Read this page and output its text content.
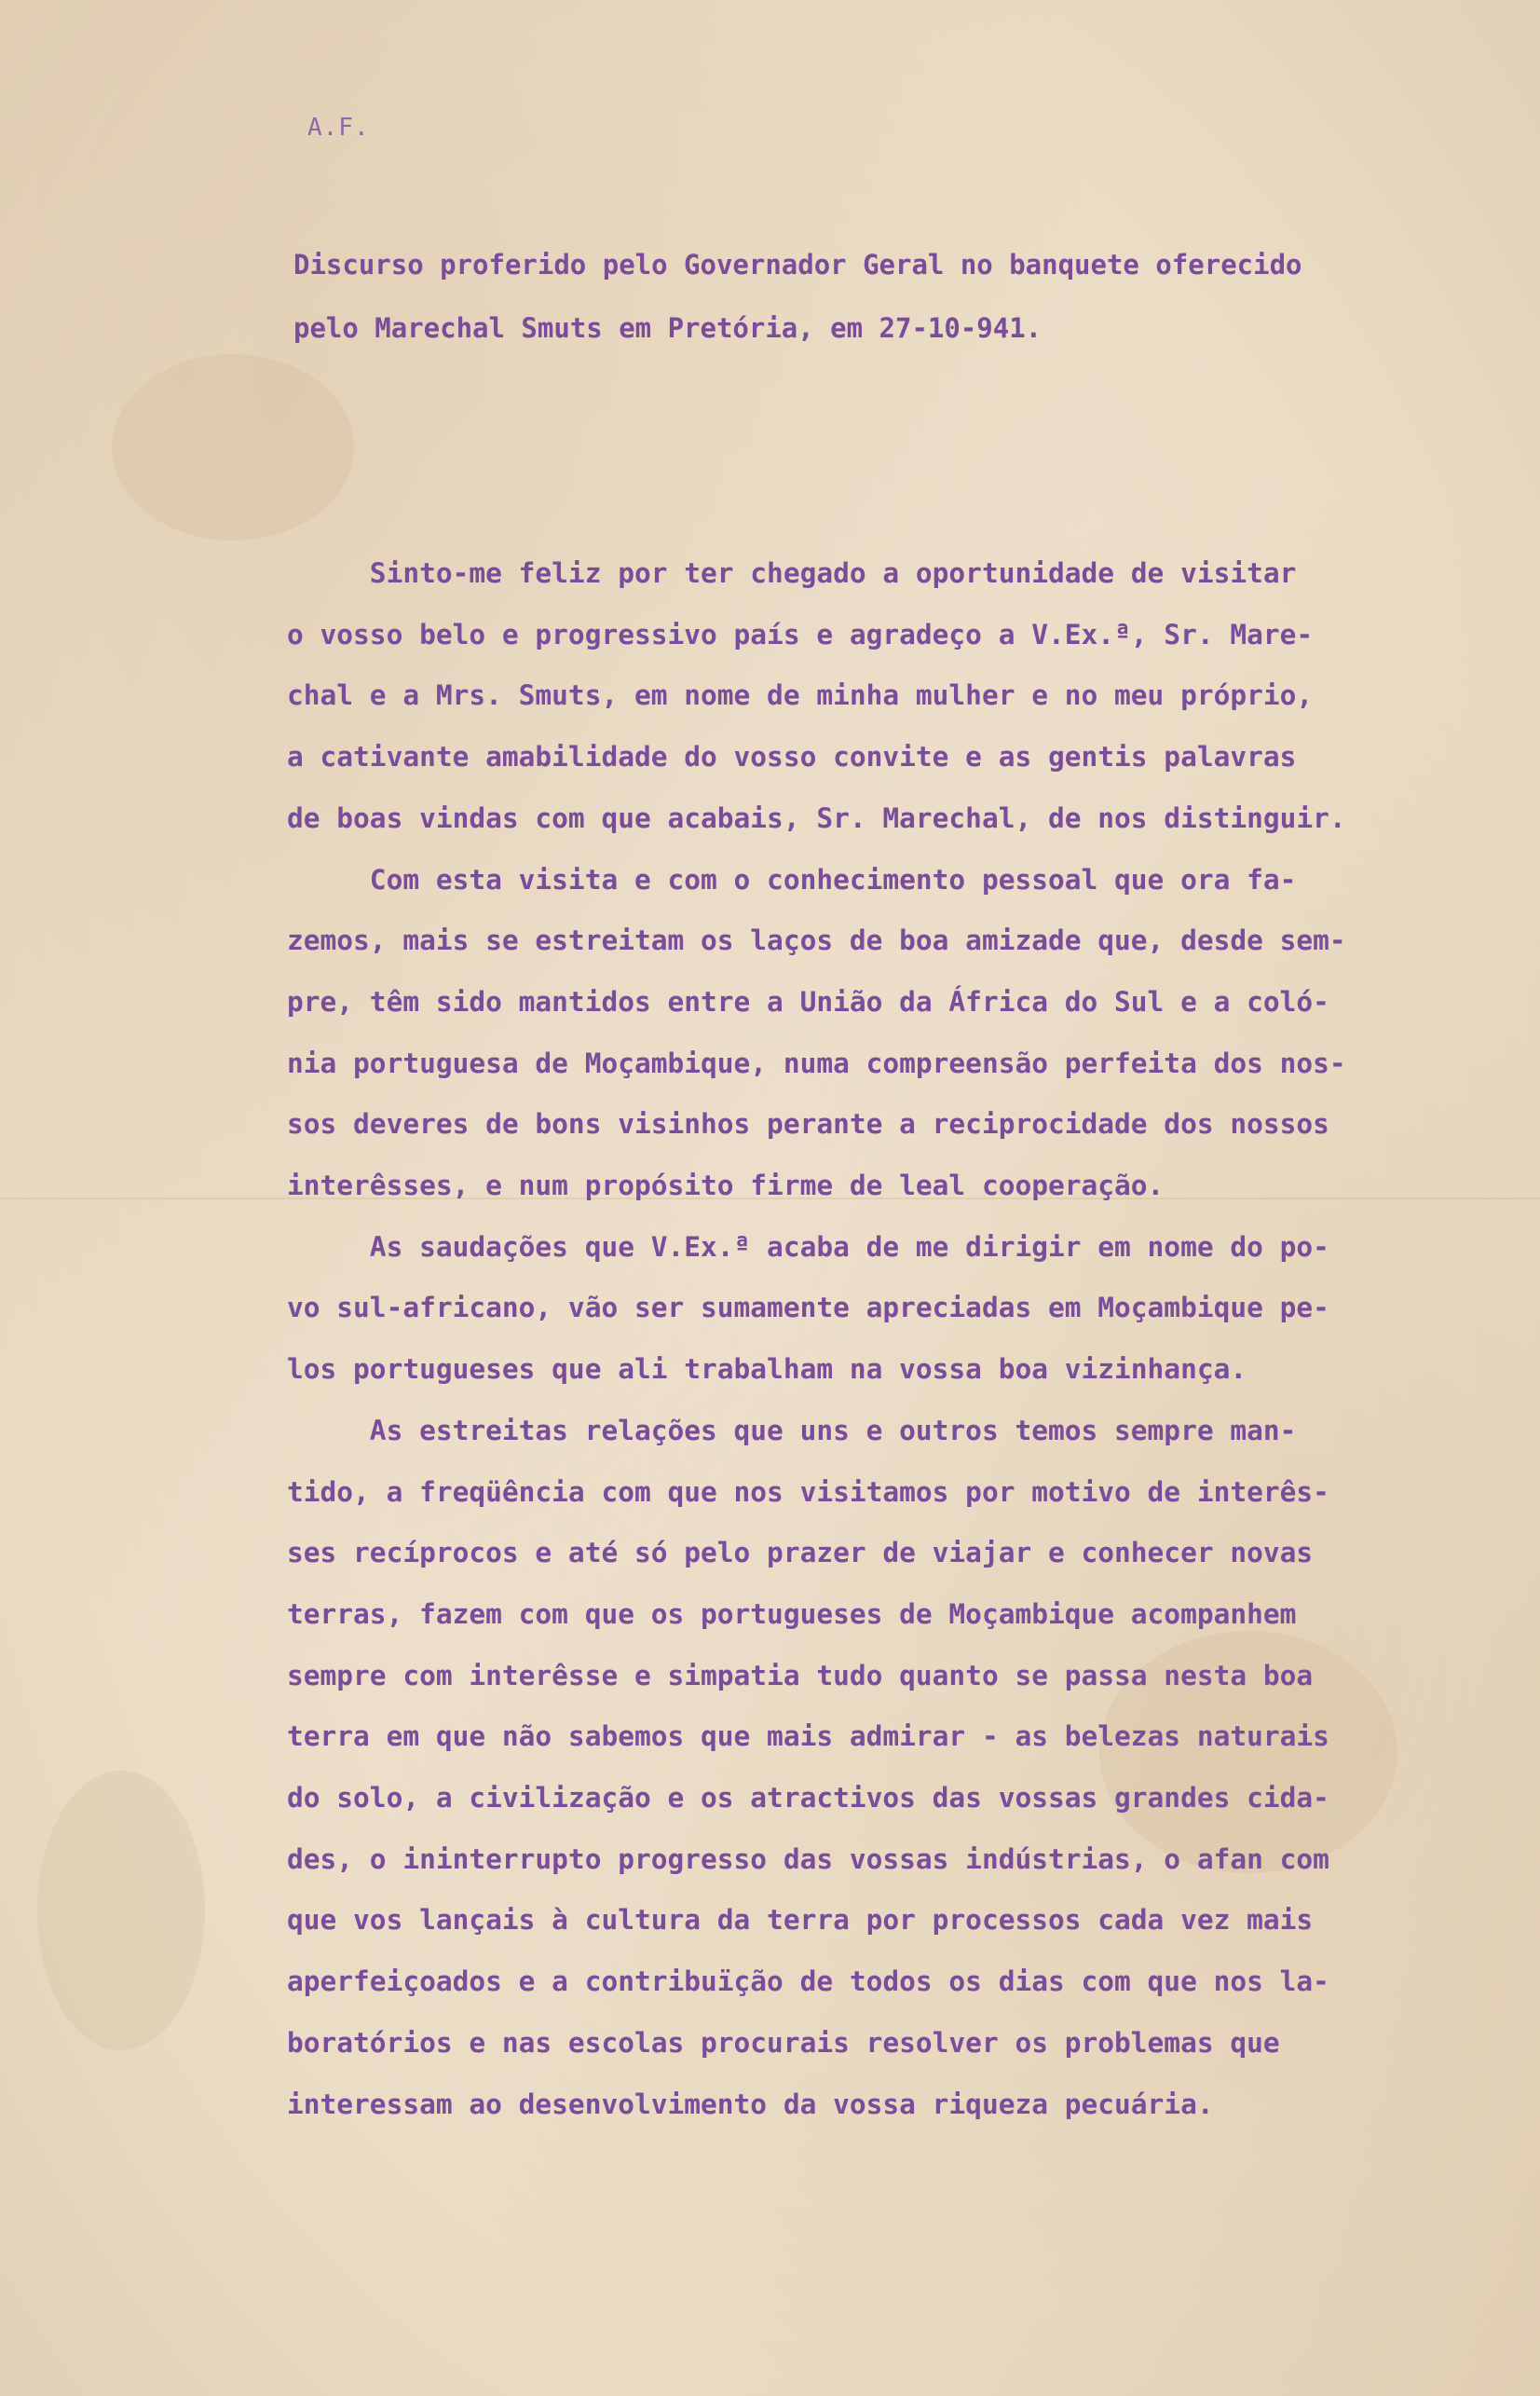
A.F.
Discurso proferido pelo Governador Geral no banquete oferecido
pelo Marechal Smuts em Pretória, em 27-10-941.
Sinto-me feliz por ter chegado a oportunidade de visitar
o vosso belo e progressivo país e agradeço a V.Ex.ª, Sr. Mare-
chal e a Mrs. Smuts, em nome de minha mulher e no meu próprio,
a cativante amabilidade do vosso convite e as gentis palavras
de boas vindas com que acabais, Sr. Marechal, de nos distinguir.
Com esta visita e com o conhecimento pessoal que ora fa-
zemos, mais se estreitam os laços de boa amizade que, desde sem-
pre, têm sido mantidos entre a União da África do Sul e a coló-
nia portuguesa de Moçambique, numa compreensão perfeita dos nos-
sos deveres de bons visinhos perante a reciprocidade dos nossos
interêsses, e num propósito firme de leal cooperação.
As saudações que V.Ex.ª acaba de me dirigir em nome do po-
vo sul-africano, vão ser sumamente apreciadas em Moçambique pe-
los portugueses que ali trabalham na vossa boa vizinhança.
As estreitas relações que uns e outros temos sempre man-
tido, a freqüência com que nos visitamos por motivo de interês-
ses recíprocos e até só pelo prazer de viajar e conhecer novas
terras, fazem com que os portugueses de Moçambique acompanhem
sempre com interêsse e simpatia tudo quanto se passa nesta boa
terra em que não sabemos que mais admirar - as belezas naturais
do solo, a civilização e os atractivos das vossas grandes cida-
des, o ininterrupto progresso das vossas indústrias, o afan com
que vos lançais à cultura da terra por processos cada vez mais
aperfeiçoados e a contribuïção de todos os dias com que nos la-
boratórios e nas escolas procurais resolver os problemas que
interessam ao desenvolvimento da vossa riqueza pecuária.
